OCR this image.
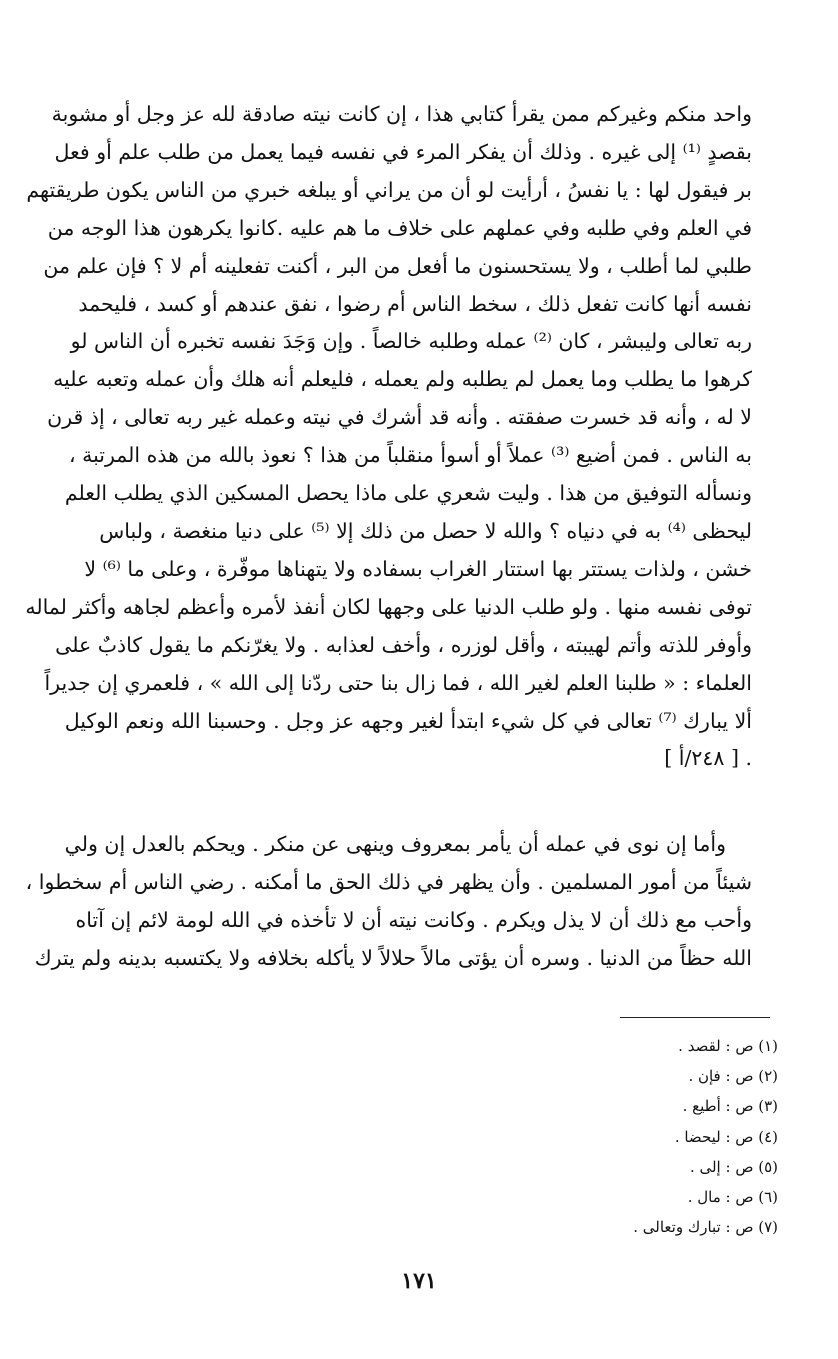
واحد منكم وغيركم ممن يقرأ كتابي هذا ، إن كانت نيته صادقة لله عز وجل أو مشوبة
بقصدٍ ⁽¹⁾ إلى غيره . وذلك أن يفكر المرء في نفسه فيما يعمل من طلب علم أو فعل
بر فيقول لها : يا نفسُ ، أرأيت لو أن من يراني أو يبلغه خبري من الناس يكون طريقتهم
في العلم وفي طلبه وفي عملهم على خلاف ما هم عليه .كانوا يكرهون هذا الوجه من
طلبي لما أطلب ، ولا يستحسنون ما أفعل من البر ، أكنت تفعلينه أم لا ؟ فإن علم من
نفسه أنها كانت تفعل ذلك ، سخط الناس أم رضوا ، نفق عندهم أو كسد ، فليحمد
ربه تعالى وليبشر ، كان ⁽²⁾ عمله وطلبه خالصاً . وإن وَجَدَ نفسه تخبره أن الناس لو
كرهوا ما يطلب وما يعمل لم يطلبه ولم يعمله ، فليعلم أنه هلك وأن عمله وتعبه عليه
لا له ، وأنه قد خسرت صفقته . وأنه قد أشرك في نيته وعمله غير ربه تعالى ، إذ قرن
به الناس . فمن أضيع ⁽³⁾ عملاً أو أسوأ منقلباً من هذا ؟ نعوذ بالله من هذه المرتبة ،
ونسأله التوفيق من هذا . وليت شعري على ماذا يحصل المسكين الذي يطلب العلم
ليحظى ⁽⁴⁾ به في دنياه ؟ والله لا حصل من ذلك إلا ⁽⁵⁾ على دنيا منغصة ، ولباس
خشن ، ولذات يستتر بها استتار الغراب بسفاده ولا يتهناها موفّرة ، وعلى ما ⁽⁶⁾ لا
توفى نفسه منها . ولو طلب الدنيا على وجهها لكان أنفذ لأمره وأعظم لجاهه وأكثر لماله
وأوفر للذته وأتم لهيبته ، وأقل لوزره ، وأخف لعذابه . ولا يغرّنكم ما يقول كاذبٌ على
العلماء : « طلبنا العلم لغير الله ، فما زال بنا حتى ردّنا إلى الله » ، فلعمري إن جديراً
ألا يبارك ⁽⁷⁾ تعالى في كل شيء ابتدأ لغير وجهه عز وجل . وحسبنا الله ونعم الوكيل
. [ ٢٤٨/أ ]
وأما إن نوى في عمله أن يأمر بمعروف وينهى عن منكر . ويحكم بالعدل إن ولي
شيئاً من أمور المسلمين . وأن يظهر في ذلك الحق ما أمكنه . رضي الناس أم سخطوا ،
وأحب مع ذلك أن لا يذل ويكرم . وكانت نيته أن لا تأخذه في الله لومة لائم إن آتاه
الله حظاً من الدنيا . وسره أن يؤتى مالاً حلالاً لا يأكله بخلافه ولا يكتسبه بدينه ولم يترك
(١) ص : لقصد .
(٢) ص : فإن .
(٣) ص : أطيع .
(٤) ص : ليحضا .
(٥) ص : إلى .
(٦) ص : مال .
(٧) ص : تبارك وتعالى .
١٧١
